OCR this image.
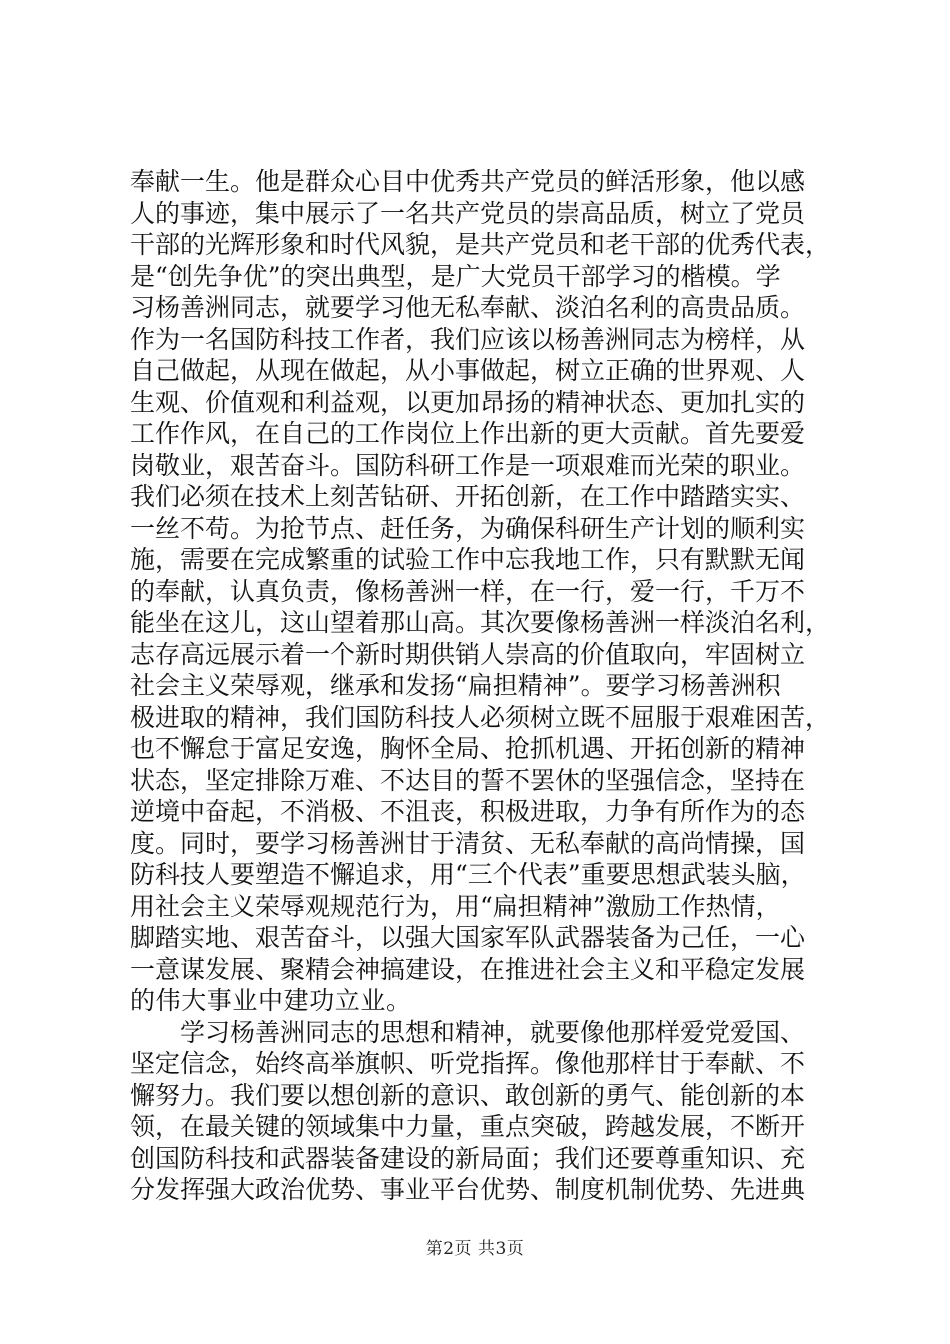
奉献一生。他是群众心目中优秀共产党员的鲜活形象，他以感
人的事迹，集中展示了一名共产党员的崇高品质，树立了党员
干部的光辉形象和时代风貌，是共产党员和老干部的优秀代表，
是“创先争优”的突出典型，是广大党员干部学习的楷模。学
习杨善洲同志，就要学习他无私奉献、淡泊名利的高贵品质。
作为一名国防科技工作者，我们应该以杨善洲同志为榜样，从
自己做起，从现在做起，从小事做起，树立正确的世界观、人
生观、价值观和利益观，以更加昂扬的精神状态、更加扎实的
工作作风，在自己的工作岗位上作出新的更大贡献。首先要爱
岗敬业，艰苦奋斗。国防科研工作是一项艰难而光荣的职业。
我们必须在技术上刻苦钻研、开拓创新，在工作中踏踏实实、
一丝不苟。为抢节点、赶任务，为确保科研生产计划的顺利实
施，需要在完成繁重的试验工作中忘我地工作，只有默默无闻
的奉献，认真负责，像杨善洲一样，在一行，爱一行，千万不
能坐在这儿，这山望着那山高。其次要像杨善洲一样淡泊名利，
志存高远展示着一个新时期供销人崇高的价值取向，牢固树立
社会主义荣辱观，继承和发扬“扁担精神”。要学习杨善洲积
极进取的精神，我们国防科技人必须树立既不屈服于艰难困苦，
也不懈怠于富足安逸，胸怀全局、抢抓机遇、开拓创新的精神
状态，坚定排除万难、不达目的誓不罢休的坚强信念，坚持在
逆境中奋起，不消极、不沮丧，积极进取，力争有所作为的态
度。同时，要学习杨善洲甘于清贫、无私奉献的高尚情操，国
防科技人要塑造不懈追求，用“三个代表”重要思想武装头脑，
用社会主义荣辱观规范行为，用“扁担精神”激励工作热情，
脚踏实地、艰苦奋斗，以强大国家军队武器装备为己任，一心
一意谋发展、聚精会神搞建设，在推进社会主义和平稳定发展
的伟大事业中建功立业。
　　学习杨善洲同志的思想和精神，就要像他那样爱党爱国、
坚定信念，始终高举旗帜、听党指挥。像他那样甘于奉献、不
懈努力。我们要以想创新的意识、敢创新的勇气、能创新的本
领，在最关键的领域集中力量，重点突破，跨越发展，不断开
创国防科技和武器装备建设的新局面；我们还要尊重知识、充
分发挥强大政治优势、事业平台优势、制度机制优势、先进典
第2页 共3页
